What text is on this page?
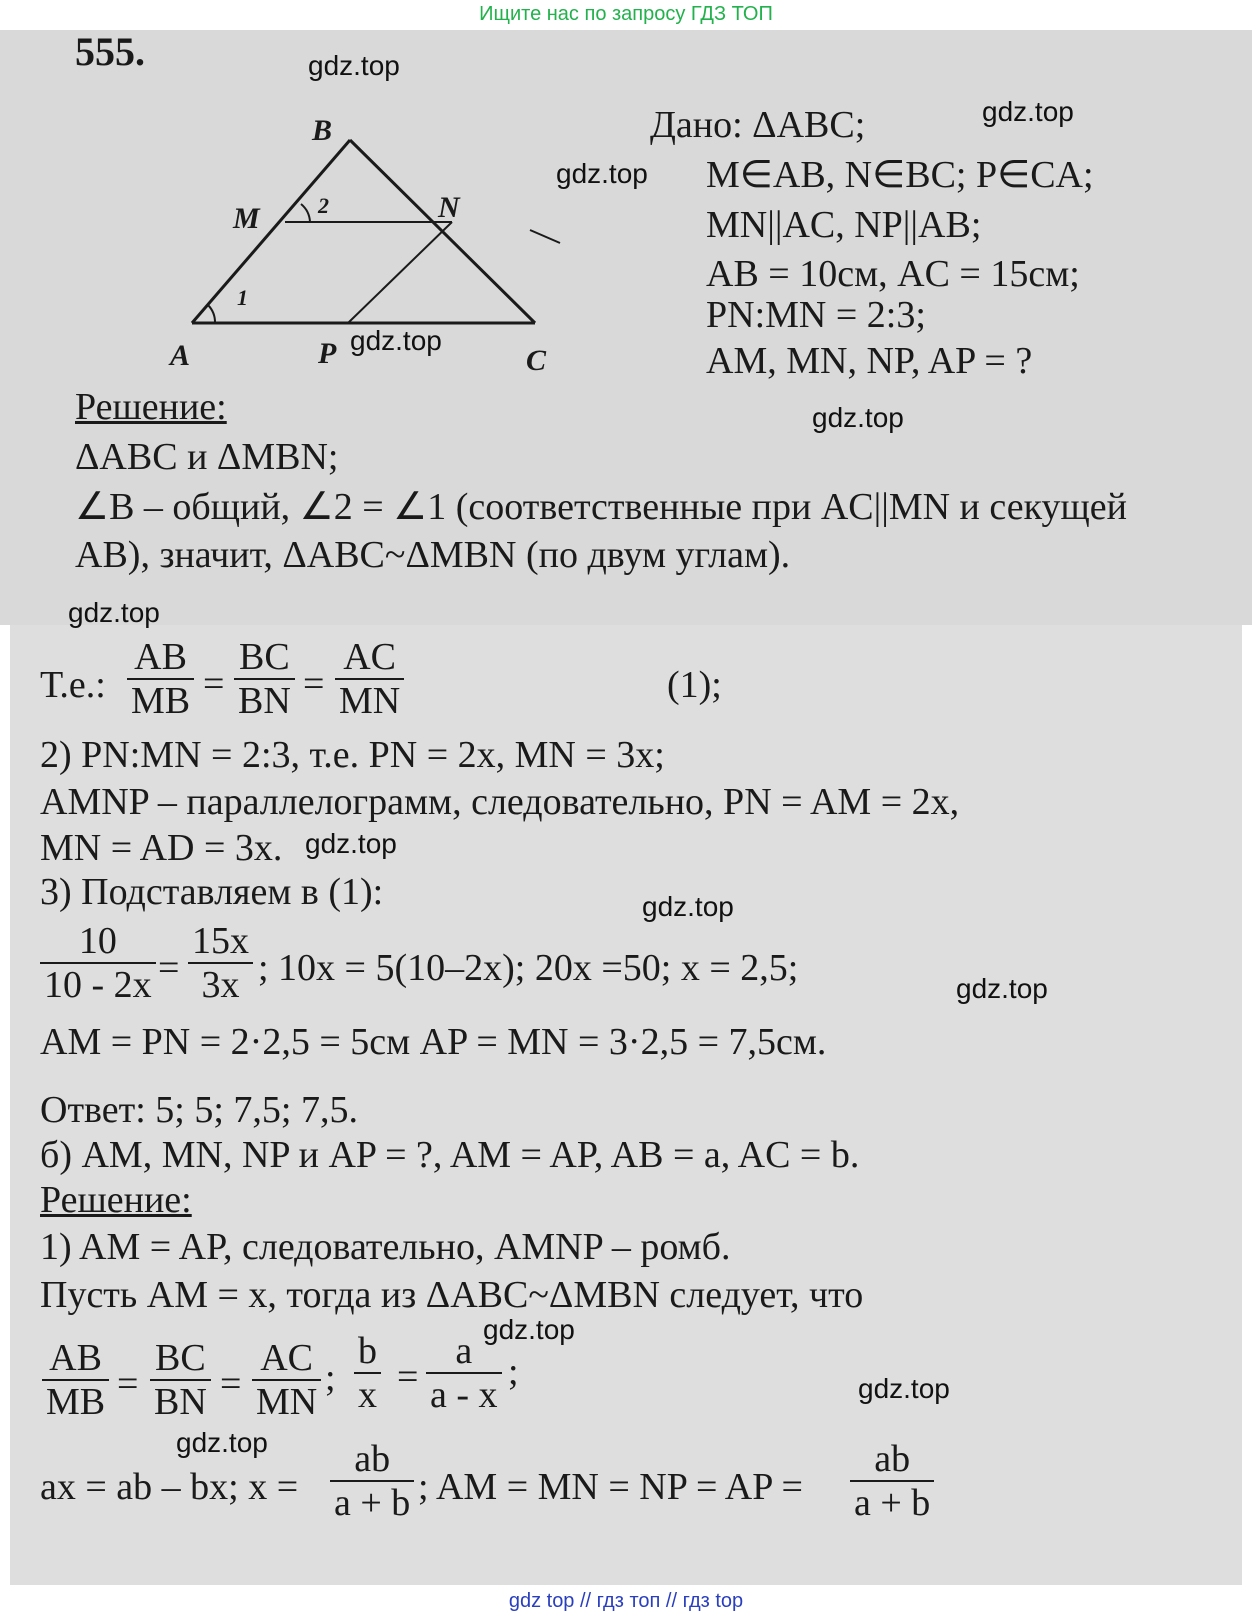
Ищите нас по запросу ГДЗ ТОП
555.
A
B
C
M	N
P
1
2
Дано: ΔABC;
M∈AB, N∈BC; P∈CA;
MN||AC, NP||AB;
AB = 10см, AC = 15см;
PN:MN = 2:3;
AM, MN, NP, AP = ?
Решение:
ΔABC и ΔMBN;
∠B – общий, ∠2 = ∠1 (соответственные при AC||MN и секущей
AB), значит, ΔABC~ΔMBN (по двум углам).
Т.е.: $\frac{AB}{MB} = \frac{BC}{BN} = \frac{AC}{MN}$	(1);
2) PN:MN = 2:3, т.е. PN = 2x, MN = 3x;
AMNP – параллелограмм, следовательно, PN = AM = 2x,
MN = AD = 3x.
3) Подставляем в (1):
$\frac{10}{10 - 2x} = \frac{15x}{3x}$ ; 10x = 5(10–2x); 20x =50; x = 2,5;
AM = PN = 2·2,5 = 5см AP = MN = 3·2,5 = 7,5см.
Ответ: 5; 5; 7,5; 7,5.
б) AM, MN, NP и AP = ?, AM = AP, AB = a, AC = b.
Решение:
1) AM = AP, следовательно, AMNP – ромб.
Пусть AM = x, тогда из ΔABC~ΔMBN следует, что
$\frac{AB}{MB} = \frac{BC}{BN} = \frac{AC}{MN}$ ; $\frac{b}{x} = \frac{a}{a - x}$ ;
ax = ab – bx; $x = \frac{ab}{a + b}$ ; AM = MN = NP = AP = $\frac{ab}{a + b}$
gdz.top
gdz.top
gdz.top
gdz.top
gdz.top
gdz.top
gdz.top
gdz.top
gdz.top
gdz.top
gdz.top
gdz.top
gdz top // гдз топ // гдз top
